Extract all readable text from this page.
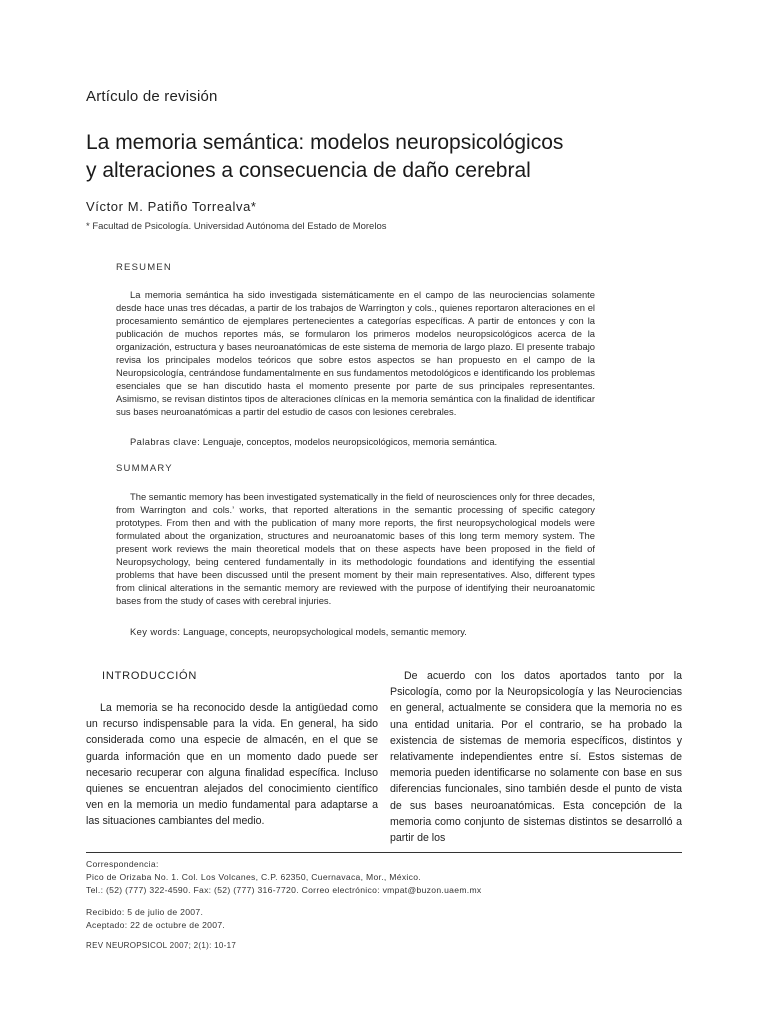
Artículo de revisión
La memoria semántica: modelos neuropsicológicos
y alteraciones a consecuencia de daño cerebral
Víctor M. Patiño Torrealva*
* Facultad de Psicología. Universidad Autónoma del Estado de Morelos
RESUMEN

La memoria semántica ha sido investigada sistemáticamente en el campo de las neurociencias solamente desde hace unas tres décadas, a partir de los trabajos de Warrington y cols., quienes reportaron alteraciones en el procesamiento semántico de ejemplares pertenecientes a categorías específicas. A partir de entonces y con la publicación de muchos reportes más, se formularon los primeros modelos neuropsicológicos acerca de la organización, estructura y bases neuroanatómicas de este sistema de memoria de largo plazo. El presente trabajo revisa los principales modelos teóricos que sobre estos aspectos se han propuesto en el campo de la Neuropsicología, centrándose fundamentalmente en sus fundamentos metodológicos e identificando los problemas esenciales que se han discutido hasta el momento presente por parte de sus principales representantes. Asimismo, se revisan distintos tipos de alteraciones clínicas en la memoria semántica con la finalidad de identificar sus bases neuroanatómicas a partir del estudio de casos con lesiones cerebrales.

Palabras clave: Lenguaje, conceptos, modelos neuropsicológicos, memoria semántica.
SUMMARY

The semantic memory has been investigated systematically in the field of neurosciences only for three decades, from Warrington and cols.’ works, that reported alterations in the semantic processing of specific category prototypes. From then and with the publication of many more reports, the first neuropsychological models were formulated about the organization, structures and neuroanatomic bases of this long term memory system. The present work reviews the main theoretical models that on these aspects have been proposed in the field of Neuropsychology, being centered fundamentally in its methodologic foundations and identifying the essential problems that have been discussed until the present moment by their main representatives. Also, different types from clinical alterations in the semantic memory are reviewed with the purpose of identifying their neuroanatomic bases from the study of cases with cerebral injuries.

Key words: Language, concepts, neuropsychological models, semantic memory.
INTRODUCCIÓN

La memoria se ha reconocido desde la antigüedad como un recurso indispensable para la vida. En general, ha sido considerada como una especie de almacén, en el que se guarda información que en un momento dado puede ser necesario recuperar con alguna finalidad específica. Incluso quienes se encuentran alejados del conocimiento científico ven en la memoria un medio fundamental para adaptarse a las situaciones cambiantes del medio.

De acuerdo con los datos aportados tanto por la Psicología, como por la Neuropsicología y las Neurociencias en general, actualmente se considera que la memoria no es una entidad unitaria. Por el contrario, se ha probado la existencia de sistemas de memoria específicos, distintos y relativamente independientes entre sí. Estos sistemas de memoria pueden identificarse no solamente con base en sus diferencias funcionales, sino también desde el punto de vista de sus bases neuroanatómicas. Esta concepción de la memoria como conjunto de sistemas distintos se desarrolló a partir de los

Correspondencia:
Pico de Orizaba No. 1. Col. Los Volcanes, C.P. 62350, Cuernavaca, Mor., México.
Tel.: (52) (777) 322-4590. Fax: (52) (777) 316-7720. Correo electrónico: vmpat@buzon.uaem.mx
Recibido: 5 de julio de 2007.
Aceptado: 22 de octubre de 2007.
REV NEUROPSICOL 2007; 2(1): 10-17
